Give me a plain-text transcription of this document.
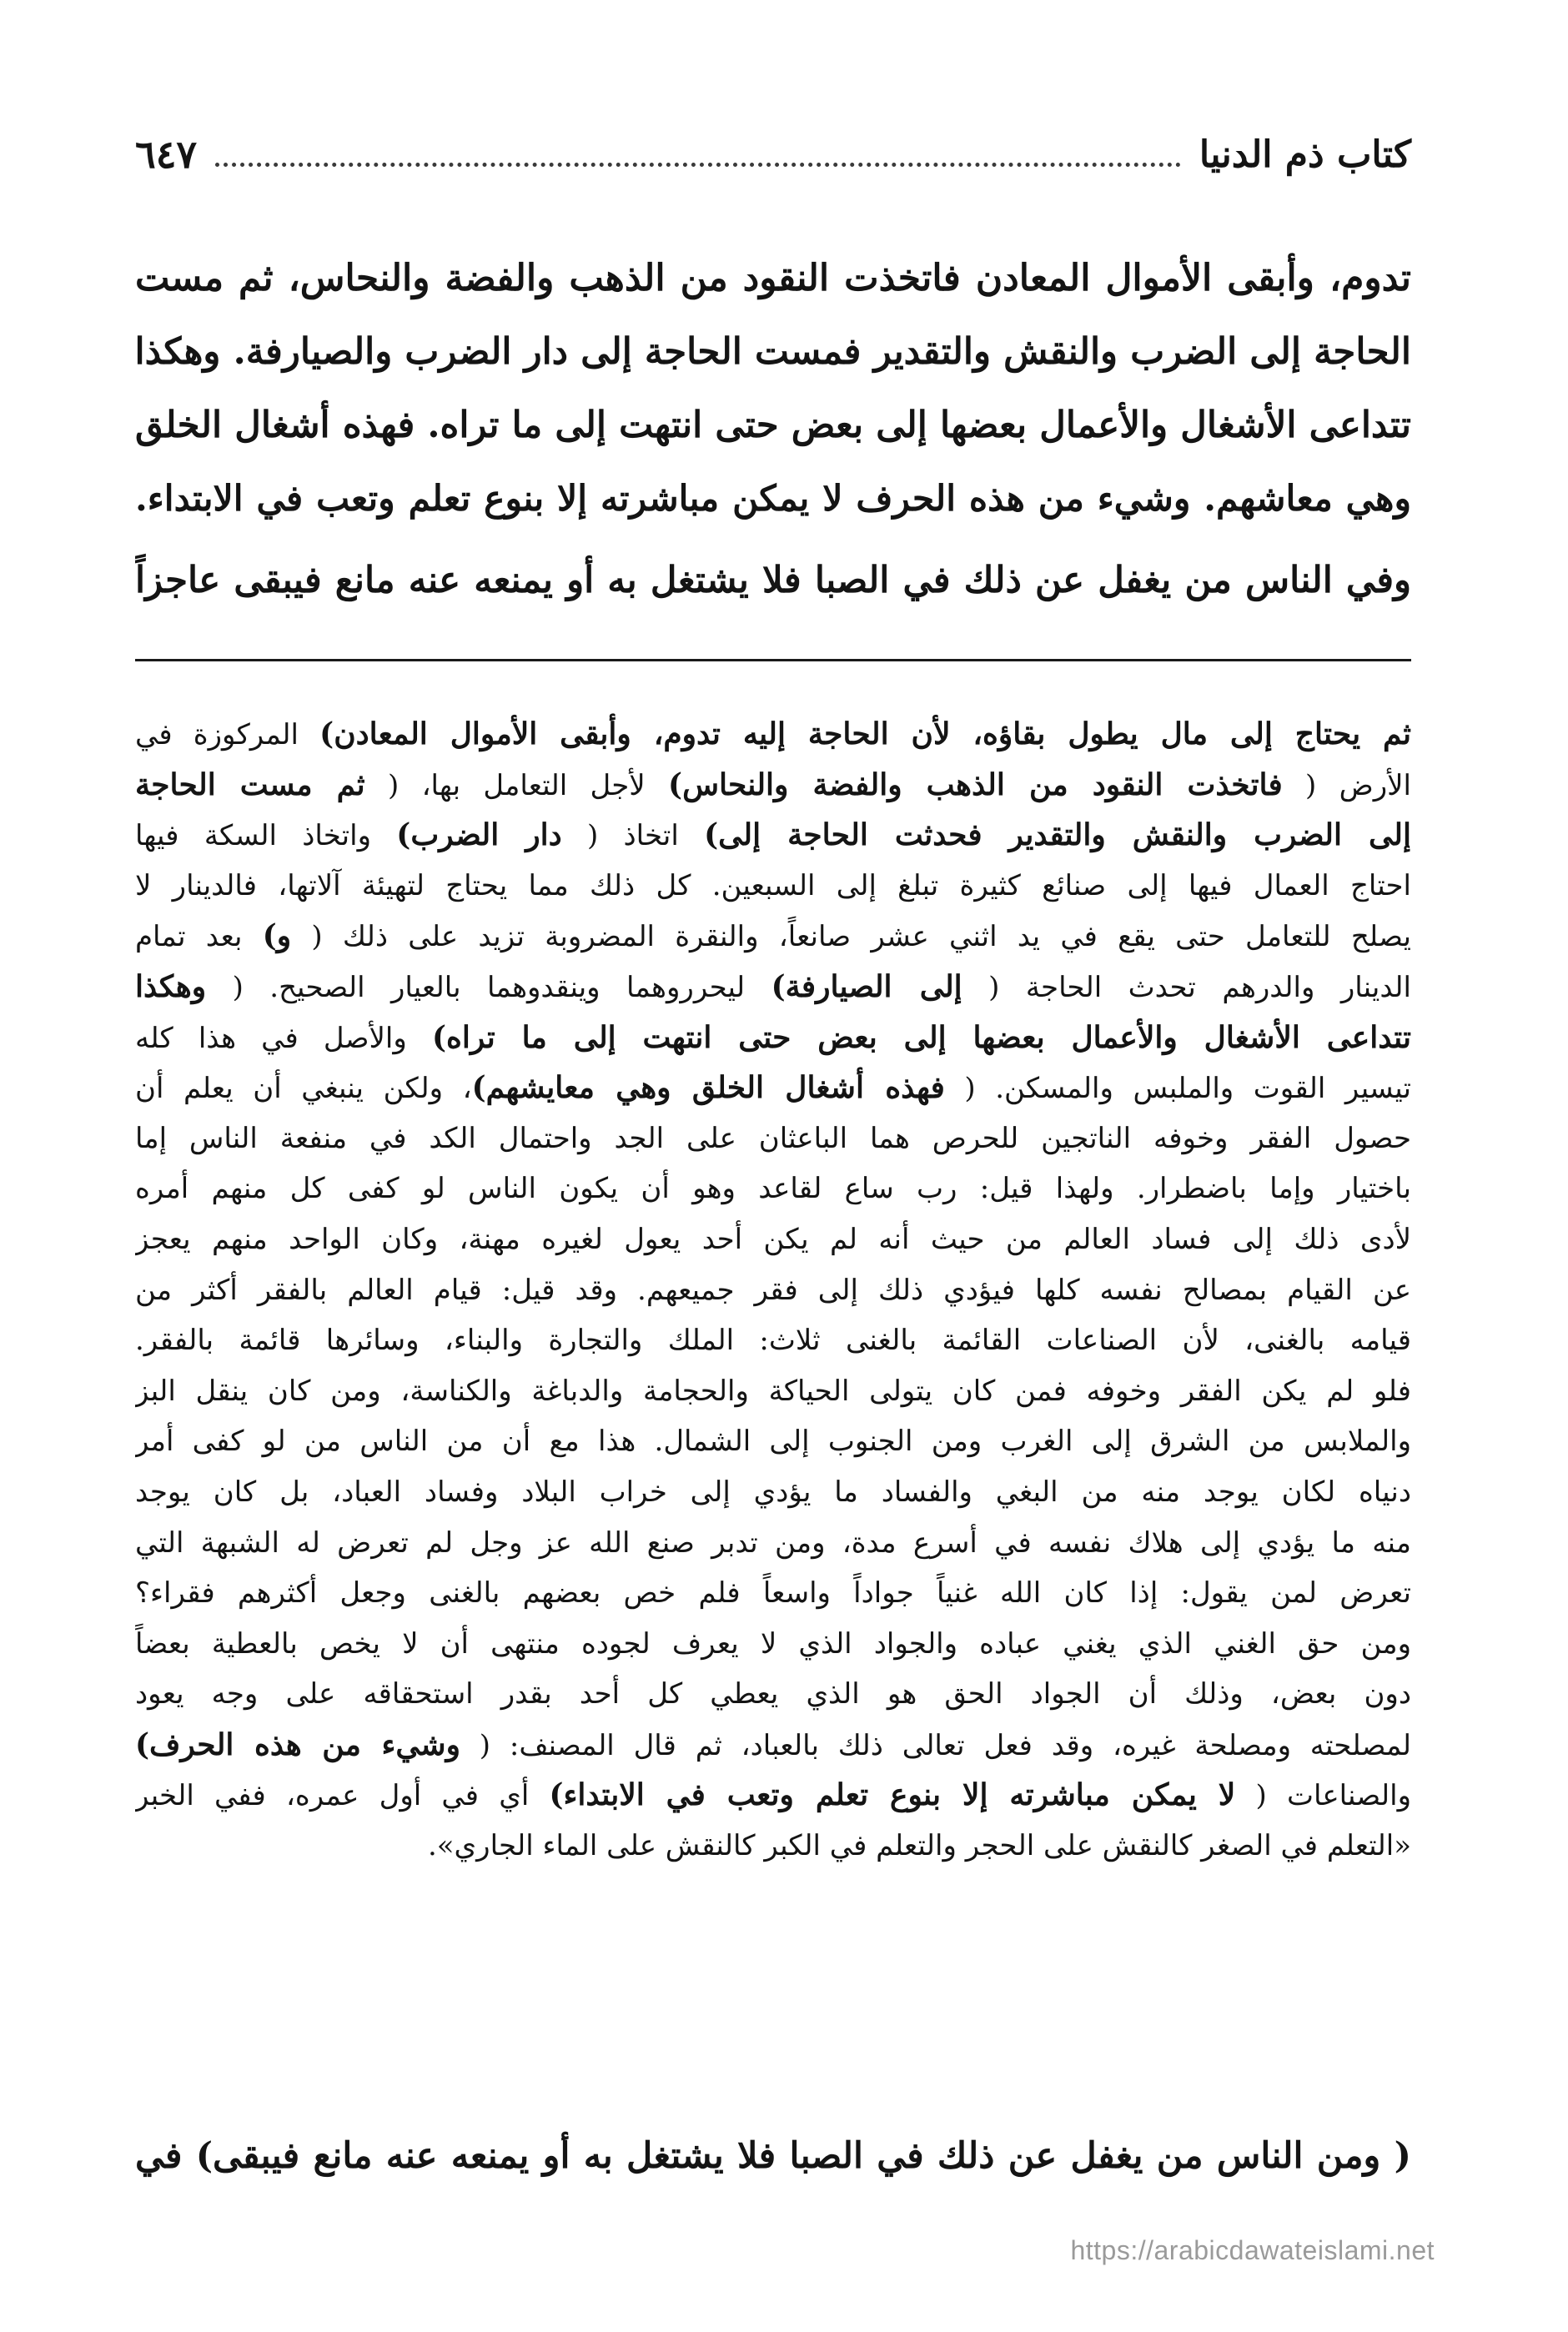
كتاب ذم الدنيا
٦٤٧
تدوم، وأبقى الأموال المعادن فاتخذت النقود من الذهب والفضة والنحاس، ثم مست
الحاجة إلى الضرب والنقش والتقدير فمست الحاجة إلى دار الضرب والصيارفة. وهكذا
تتداعى الأشغال والأعمال بعضها إلى بعض حتى انتهت إلى ما تراه. فهذه أشغال الخلق
وهي معاشهم. وشيء من هذه الحرف لا يمكن مباشرته إلا بنوع تعلم وتعب في الابتداء.
وفي الناس من يغفل عن ذلك في الصبا فلا يشتغل به أو يمنعه عنه مانع فيبقى عاجزاً
ثم يحتاج إلى مال يطول بقاؤه، لأن الحاجة إليه تدوم، وأبقى الأموال المعادن) المركوزة في
الأرض ( فاتخذت النقود من الذهب والفضة والنحاس) لأجل التعامل بها، ( ثم مست الحاجة
إلى الضرب والنقش والتقدير فحدثت الحاجة إلى) اتخاذ ( دار الضرب) واتخاذ السكة فيها
احتاج العمال فيها إلى صنائع كثيرة تبلغ إلى السبعين. كل ذلك مما يحتاج لتهيئة آلاتها، فالدينار لا
يصلح للتعامل حتى يقع في يد اثني عشر صانعاً، والنقرة المضروبة تزيد على ذلك ( و) بعد تمام
الدينار والدرهم تحدث الحاجة ( إلى الصيارفة) ليحرروهما وينقدوهما بالعيار الصحيح. ( وهكذا
تتداعى الأشغال والأعمال بعضها إلى بعض حتى انتهت إلى ما تراه) والأصل في هذا كله
تيسير القوت والملبس والمسكن. ( فهذه أشغال الخلق وهي معايشهم)، ولكن ينبغي أن يعلم أن
حصول الفقر وخوفه الناتجين للحرص هما الباعثان على الجد واحتمال الكد في منفعة الناس إما
باختيار وإما باضطرار. ولهذا قيل: رب ساع لقاعد وهو أن يكون الناس لو كفى كل منهم أمره
لأدى ذلك إلى فساد العالم من حيث أنه لم يكن أحد يعول لغيره مهنة، وكان الواحد منهم يعجز
عن القيام بمصالح نفسه كلها فيؤدي ذلك إلى فقر جميعهم. وقد قيل: قيام العالم بالفقر أكثر من
قيامه بالغنى، لأن الصناعات القائمة بالغنى ثلاث: الملك والتجارة والبناء، وسائرها قائمة بالفقر.
فلو لم يكن الفقر وخوفه فمن كان يتولى الحياكة والحجامة والدباغة والكناسة، ومن كان ينقل البز
والملابس من الشرق إلى الغرب ومن الجنوب إلى الشمال. هذا مع أن من الناس من لو كفى أمر
دنياه لكان يوجد منه من البغي والفساد ما يؤدي إلى خراب البلاد وفساد العباد، بل كان يوجد
منه ما يؤدي إلى هلاك نفسه في أسرع مدة، ومن تدبر صنع الله عز وجل لم تعرض له الشبهة التي
تعرض لمن يقول: إذا كان الله غنياً جواداً واسعاً فلم خص بعضهم بالغنى وجعل أكثرهم فقراء؟
ومن حق الغني الذي يغني عباده والجواد الذي لا يعرف لجوده منتهى أن لا يخص بالعطية بعضاً
دون بعض، وذلك أن الجواد الحق هو الذي يعطي كل أحد بقدر استحقاقه على وجه يعود
لمصلحته ومصلحة غيره، وقد فعل تعالى ذلك بالعباد، ثم قال المصنف: ( وشيء من هذه الحرف)
والصناعات ( لا يمكن مباشرته إلا بنوع تعلم وتعب في الابتداء) أي في أول عمره، ففي الخبر
«التعلم في الصغر كالنقش على الحجر والتعلم في الكبر كالنقش على الماء الجاري».
( ومن الناس من يغفل عن ذلك في الصبا فلا يشتغل به أو يمنعه عنه مانع فيبقى) في
https://arabicdawateislami.net
